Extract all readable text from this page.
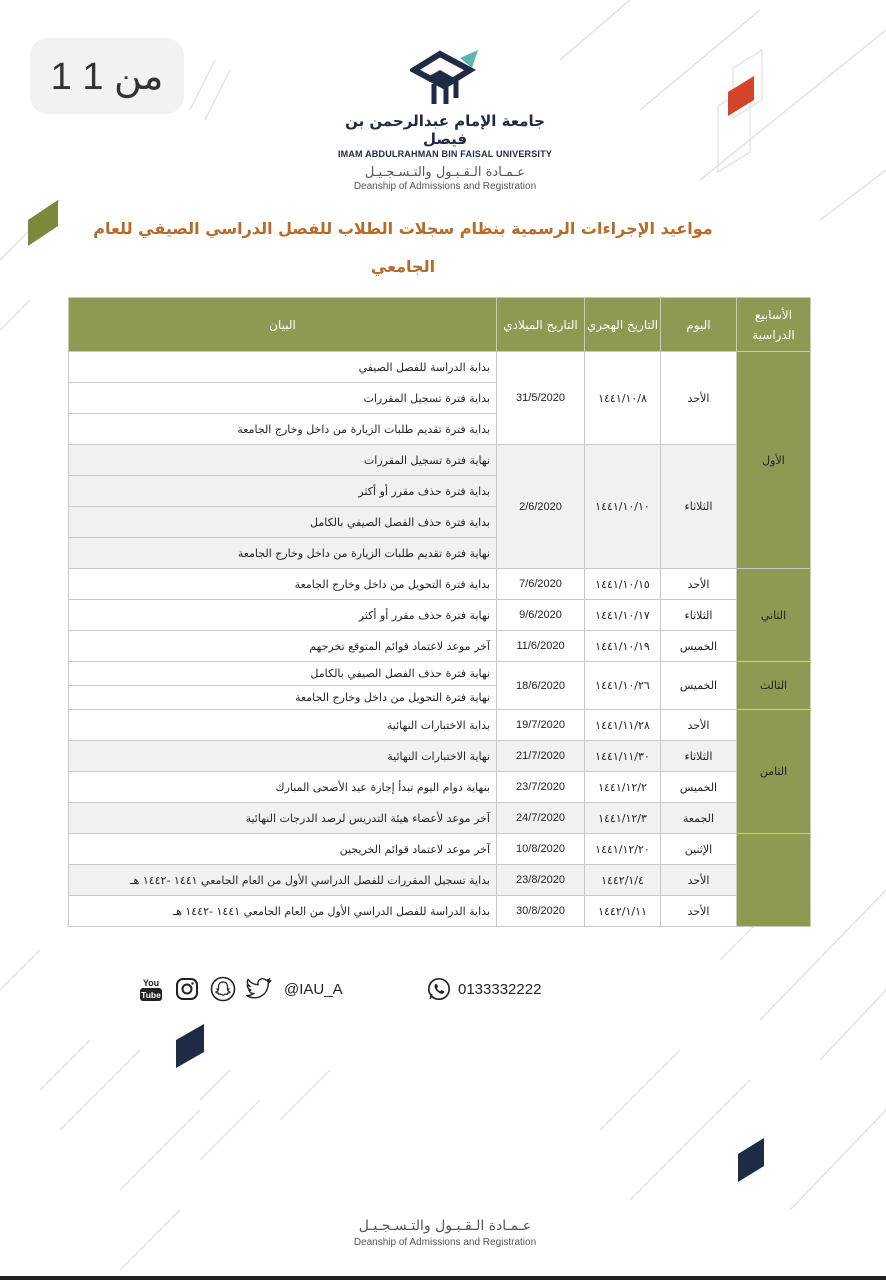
1 من 1
جامعة الإمام عبدالرحمن بن فيصل
IMAM ABDULRAHMAN BIN FAISAL UNIVERSITY
عـمـادة الـقـبـول والتـسـجـيـل
Deanship of Admissions and Registration
مواعيد الإجراءات الرسمية بنظام سجلات الطلاب للفصل الدراسي الصيفي للعام الجامعي
الأسابيع الدراسية	اليوم	التاريخ الهجري	التاريخ الميلادي	البيان
الأول	الأحد	١٤٤١/١٠/٨	31/5/2020	بداية الدراسة للفصل الصيفي
				بداية فترة تسجيل المقررات
				بداية فترة تقديم طلبات الزيارة من داخل وخارج الجامعة
	الثلاثاء	١٤٤١/١٠/١٠	2/6/2020	نهاية فترة تسجيل المقررات
				بداية فترة حذف مقرر أو أكثر
				بداية فترة حذف الفصل الصيفي بالكامل
				نهاية فترة تقديم طلبات الزيارة من داخل وخارج الجامعة
الثاني	الأحد	١٤٤١/١٠/١٥	7/6/2020	بداية فترة التحويل من داخل وخارج الجامعة
	الثلاثاء	١٤٤١/١٠/١٧	9/6/2020	نهاية فترة حذف مقرر أو أكثر
	الخميس	١٤٤١/١٠/١٩	11/6/2020	آخر موعد لاعتماد قوائم المتوقع تخرجهم
الثالث	الخميس	١٤٤١/١٠/٢٦	18/6/2020	نهاية فترة حذف الفصل الصيفي بالكامل
				نهاية فترة التحويل من داخل وخارج الجامعة
الثامن	الأحد	١٤٤١/١١/٢٨	19/7/2020	بداية الاختبارات النهائية
	الثلاثاء	١٤٤١/١١/٣٠	21/7/2020	نهاية الاختبارات النهائية
	الخميس	١٤٤١/١٢/٢	23/7/2020	بنهاية دوام اليوم تبدأ إجازة عيد الأضحى المبارك
	الجمعة	١٤٤١/١٢/٣	24/7/2020	آخر موعد لأعضاء هيئة التدريس لرصد الدرجات النهائية
	الإثنين	١٤٤١/١٢/٢٠	10/8/2020	آخر موعد لاعتماد قوائم الخريجين
	الأحد	١٤٤٢/١/٤	23/8/2020	بداية تسجيل المقررات للفصل الدراسي الأول من العام الجامعي ١٤٤١ -١٤٤٢ هـ
	الأحد	١٤٤٢/١/١١	30/8/2020	بداية الدراسة للفصل الدراسي الأول من العام الجامعي ١٤٤١ -١٤٤٢ هـ
You
Tube	@IAU_A	0133332222
عـمـادة الـقـبـول والتـسـجـيـل
Deanship of Admissions and Registration
